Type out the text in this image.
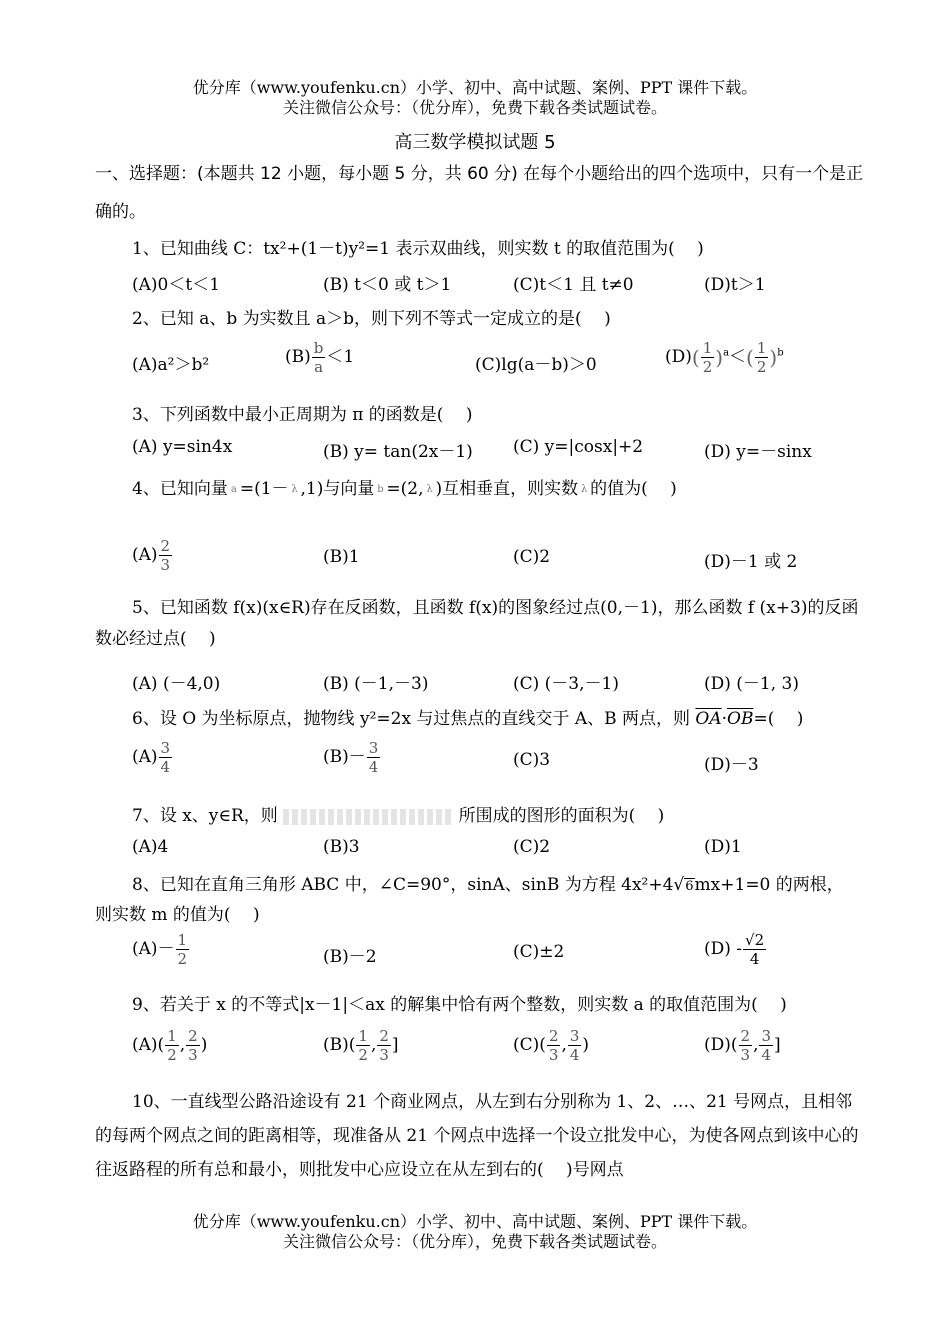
优分库（www.youfenku.cn）小学、初中、高中试题、案例、PPT 课件下载。
关注微信公众号：（优分库），免费下载各类试题试卷。
高三数学模拟试题 5
一、选择题：(本题共 12 小题，每小题 5 分，共 60 分) 在每个小题给出的四个选项中，只有一个是正确的。
1、已知曲线 C：tx²+(1－t)y²=1 表示双曲线，则实数 t 的取值范围为(　 )
(A)0＜t＜1	(B) t＜0 或 t＞1	(C)t＜1 且 t≠0	(D)t＞1
2、已知 a、b 为实数且 a＞b，则下列不等式一定成立的是(　 )
(A)a²＞b²	$(B) \frac{b}{a} <1$	(C)lg(a－b)＞0	$(D)( \frac{1}{2} )^a<( \frac{1}{2} )^b$
3、下列函数中最小正周期为 π 的函数是(　 )
(A) y=sin4x	(B) y= tan(2x－1) (C) y=|cosx|+2	(D) y=－sinx
4、已知向量 a =(1－ λ ,1)与向量 b =(2, λ )互相垂直，则实数 λ 的值为(　 )
$(A) \frac{2}{3}$	(B)1	(C)2	(D)－1 或 2
5、已知函数 f(x)(x∈R)存在反函数，且函数 f(x)的图象经过点(0,－1)，那么函数 f (x+3)的反函数必经过点(　 )
(A) (－4,0)	(B) (－1,－3)	(C) (－3,－1)	(D) (－1, 3)
6、设 O 为坐标原点，抛物线 y²=2x 与过焦点的直线交于 A、B 两点，则 $\overline{OA}\cdot\overline{OB}=$(　 )
$(A) \frac{3}{4}$	$(B)- \frac{3}{4}$	(C)3	(D)－3
7、设 x、y∈R，则	所围成的图形的面积为(　 )
(A)4	(B)3	(C)2	(D)1
8、已知在直角三角形 ABC 中，∠C=90°，sinA、sinB 为方程 4x²+4√6mx+1=0 的两根，
则实数 m 的值为(　 )
$(A)- \frac{1}{2}$	(B)－2	(C)±2	$(D) - \frac{√2}{4}$
9、若关于 x 的不等式|x－1|＜ax 的解集中恰有两个整数，则实数 a 的取值范围为(　 )
$(A)( \frac{1}{2}$ , $\frac{2}{3}$ )	$(B)( \frac{1}{2}$ , $\frac{2}{3}$ ]	$(C)( \frac{2}{3}$ , $\frac{3}{4}$ )	$(D)( \frac{2}{3}$ , $\frac{3}{4}$ ]
10、一直线型公路沿途设有 21 个商业网点，从左到右分别称为 1、2、…、21 号网点，且相邻的每两个网点之间的距离相等，现准备从 21 个网点中选择一个设立批发中心，为使各网点到该中心的往返路程的所有总和最小，则批发中心应设立在从左到右的(　 )号网点
优分库（www.youfenku.cn）小学、初中、高中试题、案例、PPT 课件下载。
关注微信公众号：（优分库），免费下载各类试题试卷。
